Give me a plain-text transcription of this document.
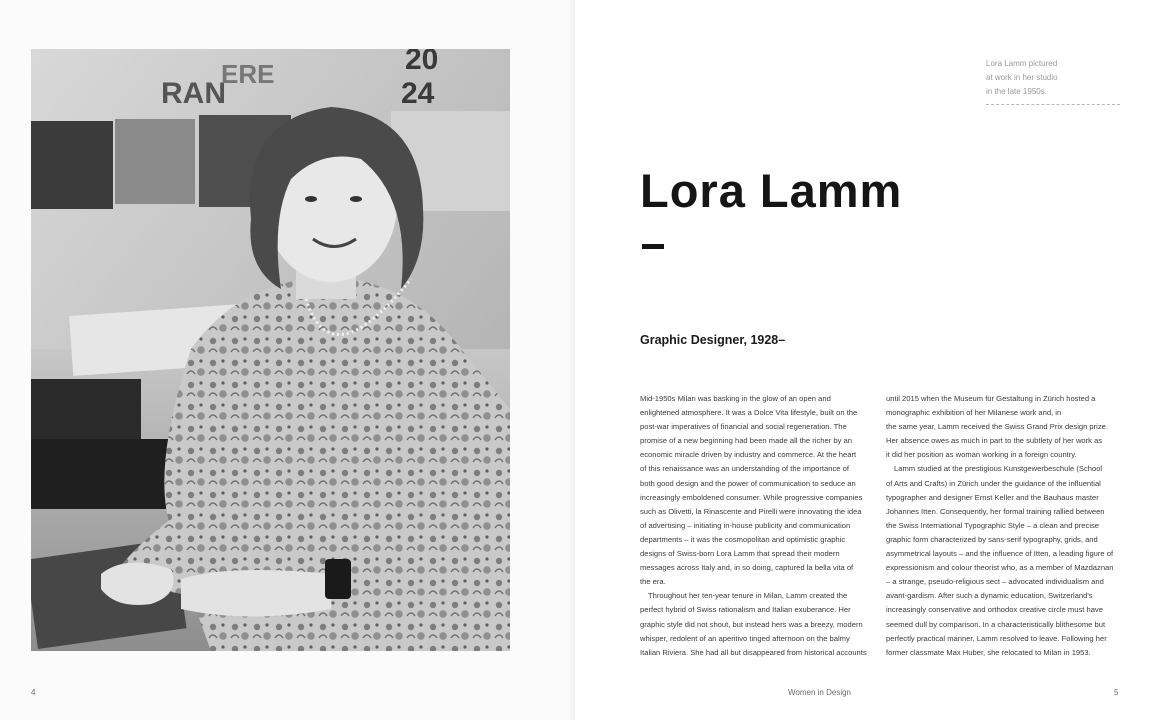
RAN
ERE	20
24
4
Lora Lamm pictured
at work in her studio
in the late 1950s.
Lora Lamm
Graphic Designer, 1928–
Mid-1950s Milan was basking in the glow of an open and
enlightened atmosphere. It was a Dolce Vita lifestyle, built on the
post-war imperatives of financial and social regeneration. The
promise of a new beginning had been made all the richer by an
economic miracle driven by industry and commerce. At the heart
of this renaissance was an understanding of the importance of
both good design and the power of communication to seduce an
increasingly emboldened consumer. While progressive companies
such as Olivetti, la Rinascente and Pirelli were innovating the idea
of advertising – initiating in-house publicity and communication
departments – it was the cosmopolitan and optimistic graphic
designs of Swiss-born Lora Lamm that spread their modern
messages across Italy and, in so doing, captured la bella vita of
the era.
Throughout her ten-year tenure in Milan, Lamm created the
perfect hybrid of Swiss rationalism and Italian exuberance. Her
graphic style did not shout, but instead hers was a breezy, modern
whisper, redolent of an aperitivo tinged afternoon on the balmy
Italian Riviera. She had all but disappeared from historical accounts
until 2015 when the Museum für Gestaltung in Zürich hosted a
monographic exhibition of her Milanese work and, in
the same year, Lamm received the Swiss Grand Prix design prize.
Her absence owes as much in part to the subtlety of her work as
it did her position as woman working in a foreign country.
Lamm studied at the prestigious Kunstgewerbeschule (School
of Arts and Crafts) in Zürich under the guidance of the influential
typographer and designer Ernst Keller and the Bauhaus master
Johannes Itten. Consequently, her formal training rallied between
the Swiss International Typographic Style – a clean and precise
graphic form characterized by sans-serif typography, grids, and
asymmetrical layouts – and the influence of Itten, a leading figure of
expressionism and colour theorist who, as a member of Mazdaznan
– a strange, pseudo-religious sect – advocated individualism and
avant-gardism. After such a dynamic education, Switzerland's
increasingly conservative and orthodox creative circle must have
seemed dull by comparison. In a characteristically blithesome but
perfectly practical manner, Lamm resolved to leave. Following her
former classmate Max Huber, she relocated to Milan in 1953.
Women in Design	5
